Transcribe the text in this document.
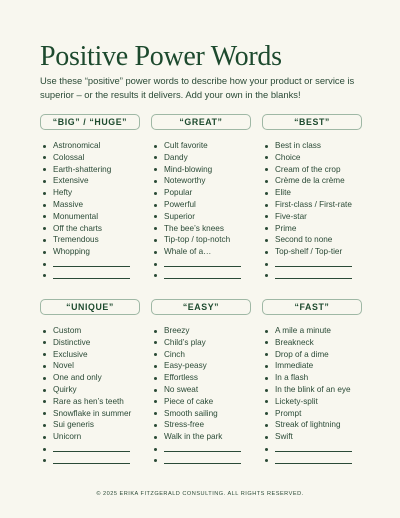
Positive Power Words
Use these “positive” power words to describe how your product or service is superior – or the results it delivers. Add your own in the blanks!
“BIG” / “HUGE”
Astronomical
Colossal
Earth-shattering
Extensive
Hefty
Massive
Monumental
Off the charts
Tremendous
Whopping
“GREAT”
Cult favorite
Dandy
Mind-blowing
Noteworthy
Popular
Powerful
Superior
The bee’s knees
Tip-top / top-notch
Whale of a…
“BEST”
Best in class
Choice
Cream of the crop
Crème de la crème
Elite
First-class / First-rate
Five-star
Prime
Second to none
Top-shelf / Top-tier
“UNIQUE”
Custom
Distinctive
Exclusive
Novel
One and only
Quirky
Rare as hen’s teeth
Snowflake in summer
Sui generis
Unicorn
“EASY”
Breezy
Child’s play
Cinch
Easy-peasy
Effortless
No sweat
Piece of cake
Smooth sailing
Stress-free
Walk in the park
“FAST”
A mile a minute
Breakneck
Drop of a dime
Immediate
In a flash
In the blink of an eye
Lickety-split
Prompt
Streak of lightning
Swift
© 2025 ERIKA FITZGERALD CONSULTING. ALL RIGHTS RESERVED.
